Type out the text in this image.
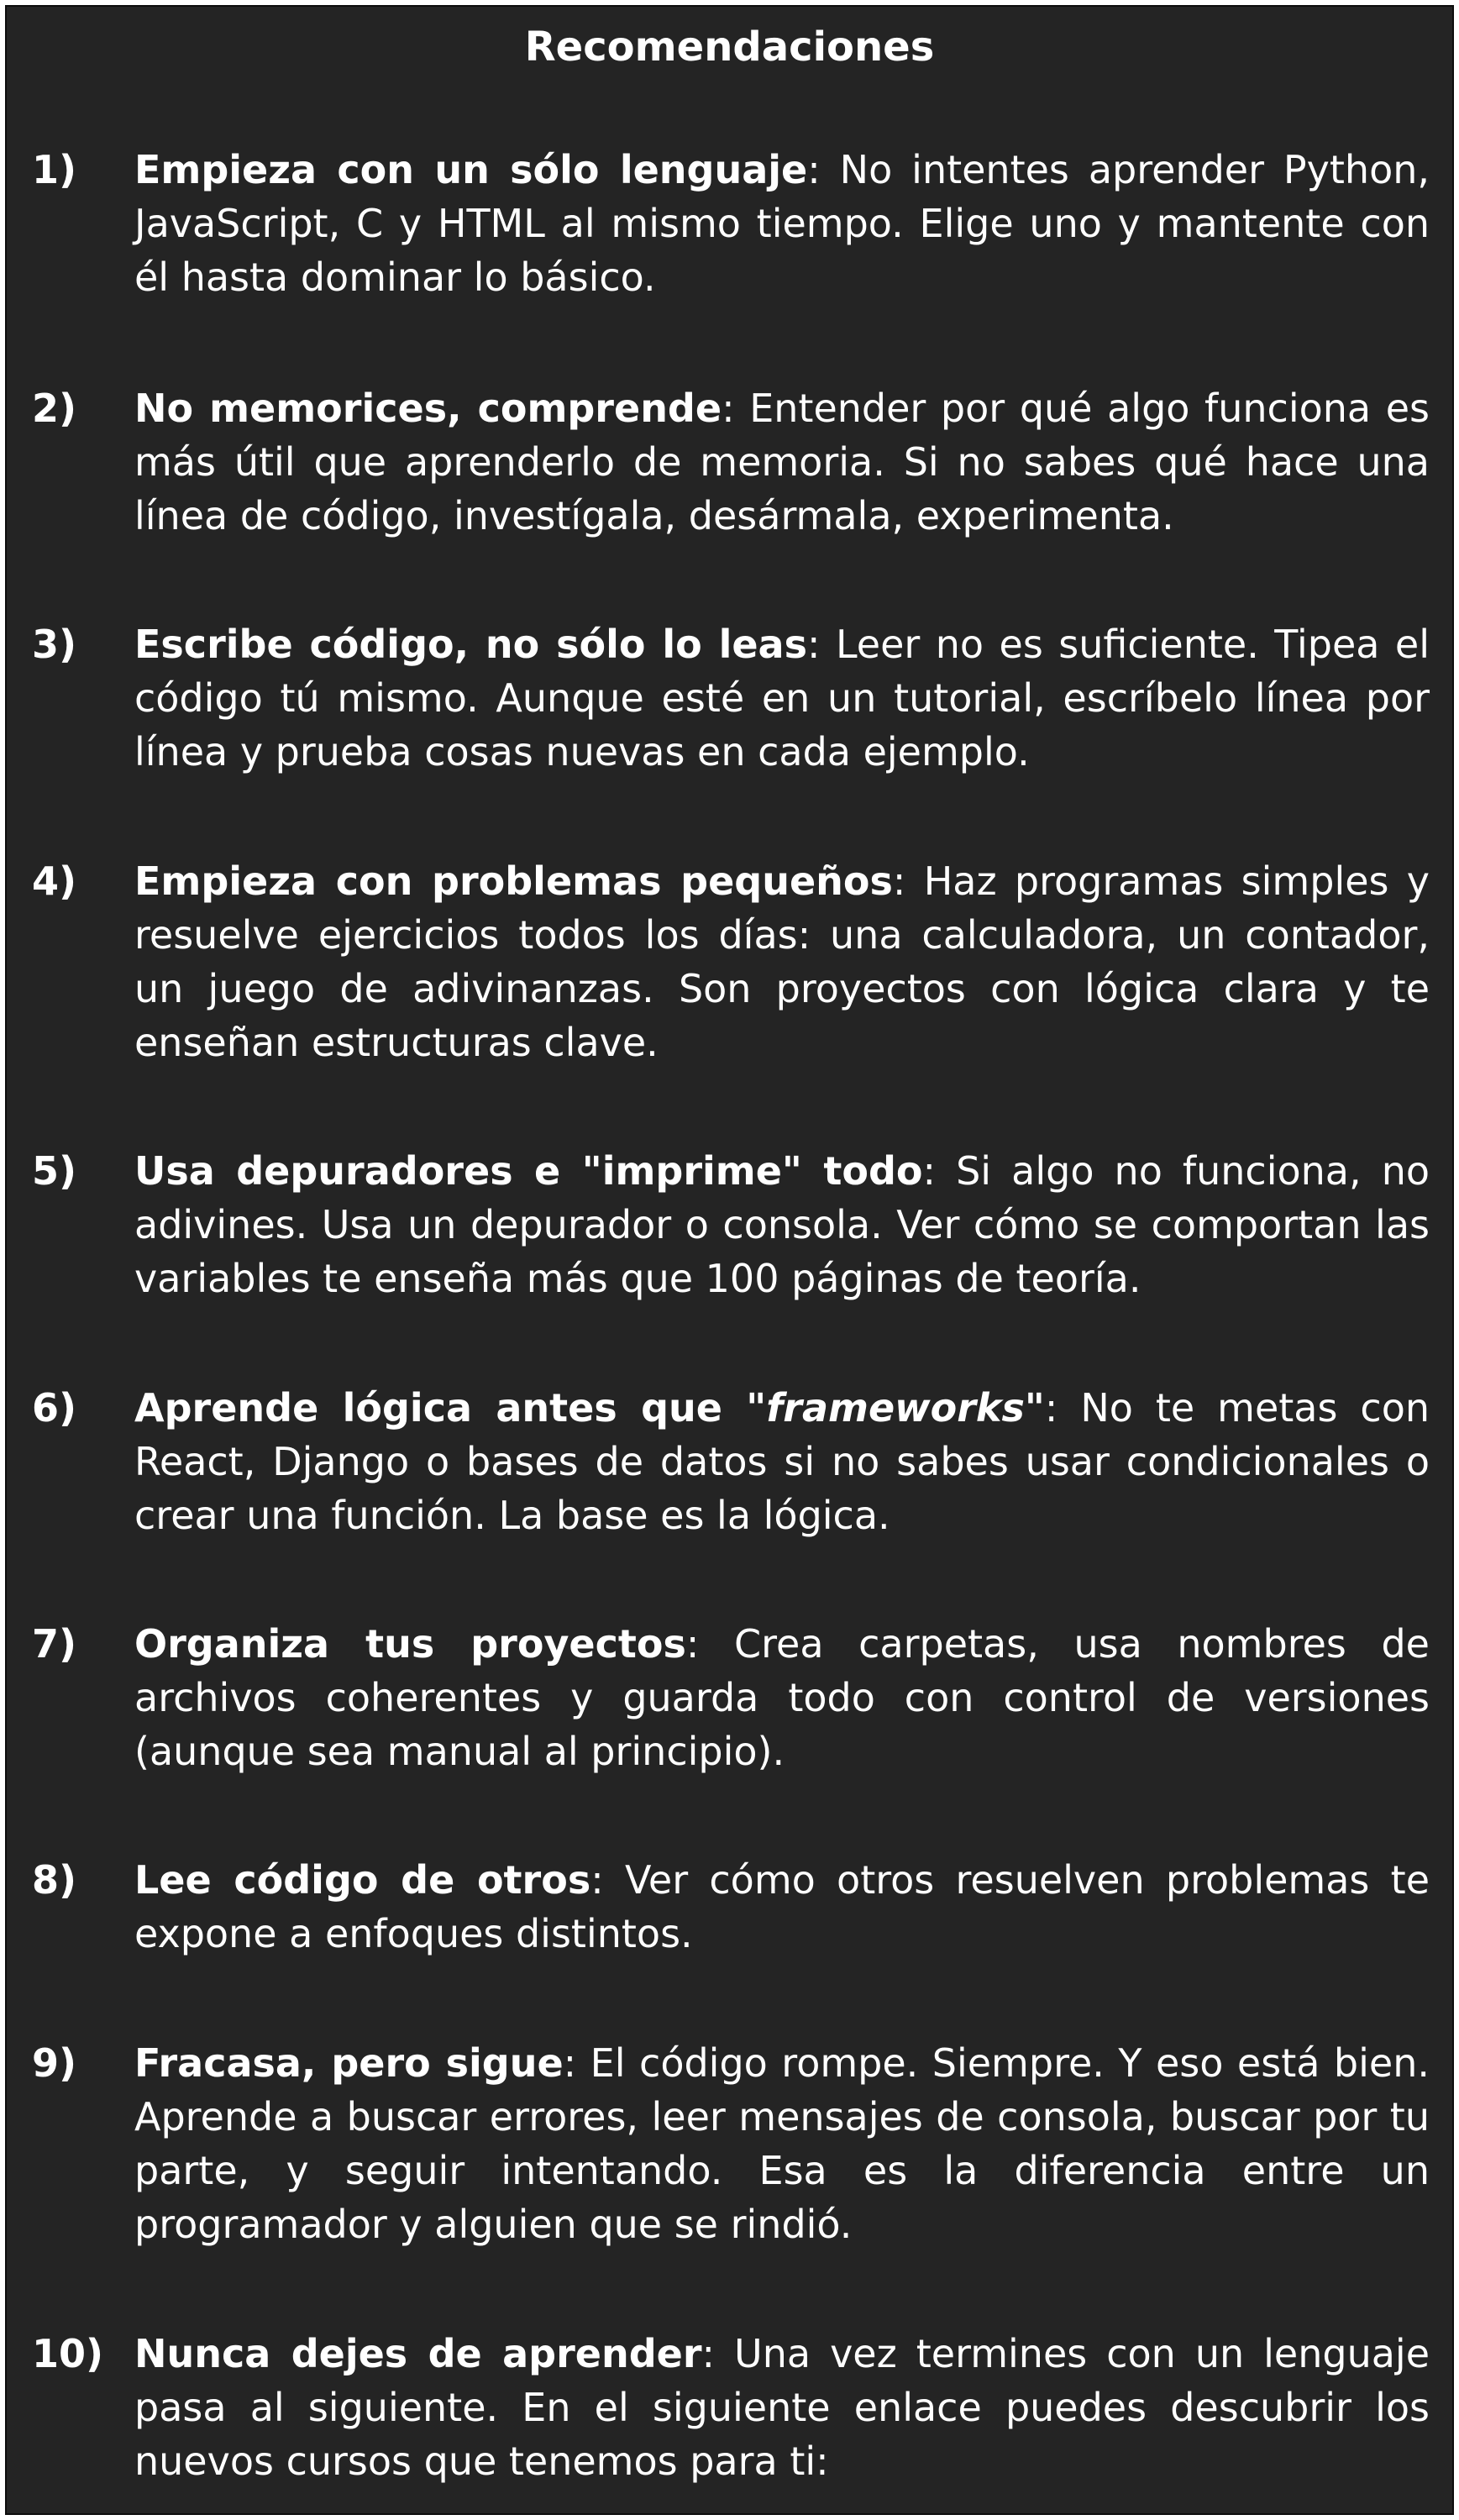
Recomendaciones
1) Empieza con un sólo lenguaje: No intentes aprender Python, JavaScript, C y HTML al mismo tiempo. Elige uno y mantente con él hasta dominar lo básico.
2) No memorices, comprende: Entender por qué algo funciona es más útil que aprenderlo de memoria. Si no sabes qué hace una línea de código, investígala, desármala, experimenta.
3) Escribe código, no sólo lo leas: Leer no es suficiente. Tipea el código tú mismo. Aunque esté en un tutorial, escríbelo línea por línea y prueba cosas nuevas en cada ejemplo.
4) Empieza con problemas pequeños: Haz programas simples y resuelve ejercicios todos los días: una calculadora, un contador, un juego de adivinanzas. Son proyectos con lógica clara y te enseñan estructuras clave.
5) Usa depuradores e "imprime" todo: Si algo no funciona, no adivines. Usa un depurador o consola. Ver cómo se comportan las variables te enseña más que 100 páginas de teoría.
6) Aprende lógica antes que "frameworks": No te metas con React, Django o bases de datos si no sabes usar condicionales o crear una función. La base es la lógica.
7) Organiza tus proyectos: Crea carpetas, usa nombres de archivos coherentes y guarda todo con control de versiones (aunque sea manual al principio).
8) Lee código de otros: Ver cómo otros resuelven problemas te expone a enfoques distintos.
9) Fracasa, pero sigue: El código rompe. Siempre. Y eso está bien. Aprende a buscar errores, leer mensajes de consola, buscar por tu parte, y seguir intentando. Esa es la diferencia entre un programador y alguien que se rindió.
10) Nunca dejes de aprender: Una vez termines con un lenguaje pasa al siguiente. En el siguiente enlace puedes descubrir los nuevos cursos que tenemos para ti:
